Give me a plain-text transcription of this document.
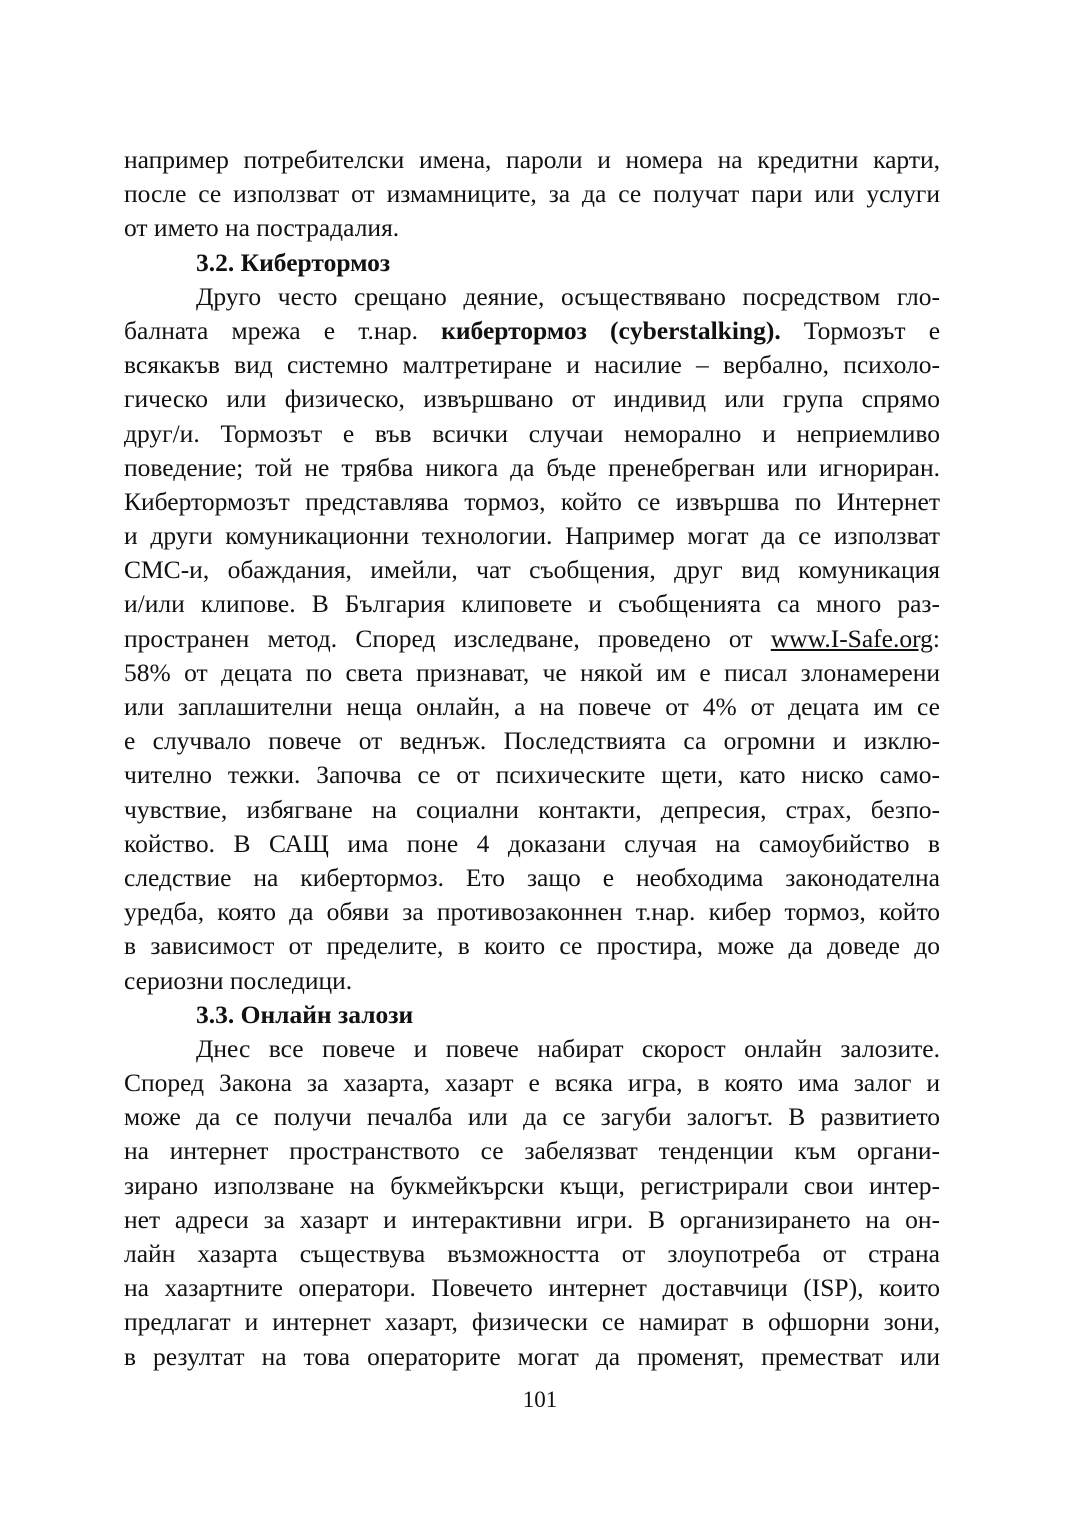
например потребителски имена, пароли и номера на кредитни карти,
после се използват от измамниците, за да се получат пари или услуги
от името на пострадалия.
3.2. Кибертормоз
Друго често срещано деяние, осъществявано посредством гло-
балната мрежа е т.нар. кибертормоз (cyberstalking). Тормозът е
всякакъв вид системно малтретиране и насилие – вербално, психоло-
гическо или физическо, извършвано от индивид или група спрямо
друг/и. Тормозът е във всички случаи неморално и неприемливо
поведение; той не трябва никога да бъде пренебрегван или игнориран.
Кибертормозът представлява тормоз, който се извършва по Интернет
и други комуникационни технологии. Например могат да се използват
СМС-и, обаждания, имейли, чат съобщения, друг вид комуникация
и/или клипове. В България клиповете и съобщенията са много раз-
пространен метод. Според изследване, проведено от www.I-Safe.org:
58% от децата по света признават, че някой им е писал злонамерени
или заплашителни неща онлайн, а на повече от 4% от децата им се
е случвало повече от веднъж. Последствията са огромни и изклю-
чително тежки. Започва се от психическите щети, като ниско само-
чувствие, избягване на социални контакти, депресия, страх, безпо-
койство. В САЩ има поне 4 доказани случая на самоубийство в
следствие на кибертормоз. Ето защо е необходима законодателна
уредба, която да обяви за противозаконнен т.нар. кибер тормоз, който
в зависимост от пределите, в които се простира, може да доведе до
сериозни последици.
3.3. Онлайн залози
Днес все повече и повече набират скорост онлайн залозите.
Според Закона за хазарта, хазарт е всяка игра, в която има залог и
може да се получи печалба или да се загуби залогът. В развитието
на интернет пространството се забелязват тенденции към органи-
зирано използване на букмейкърски къщи, регистрирали свои интер-
нет адреси за хазарт и интерактивни игри. В организирането на он-
лайн хазарта съществува възможността от злоупотреба от страна
на хазартните оператори. Повечето интернет доставчици (ISP), които
предлагат и интернет хазарт, физически се намират в офшорни зони,
в резултат на това операторите могат да променят, преместват или
101
